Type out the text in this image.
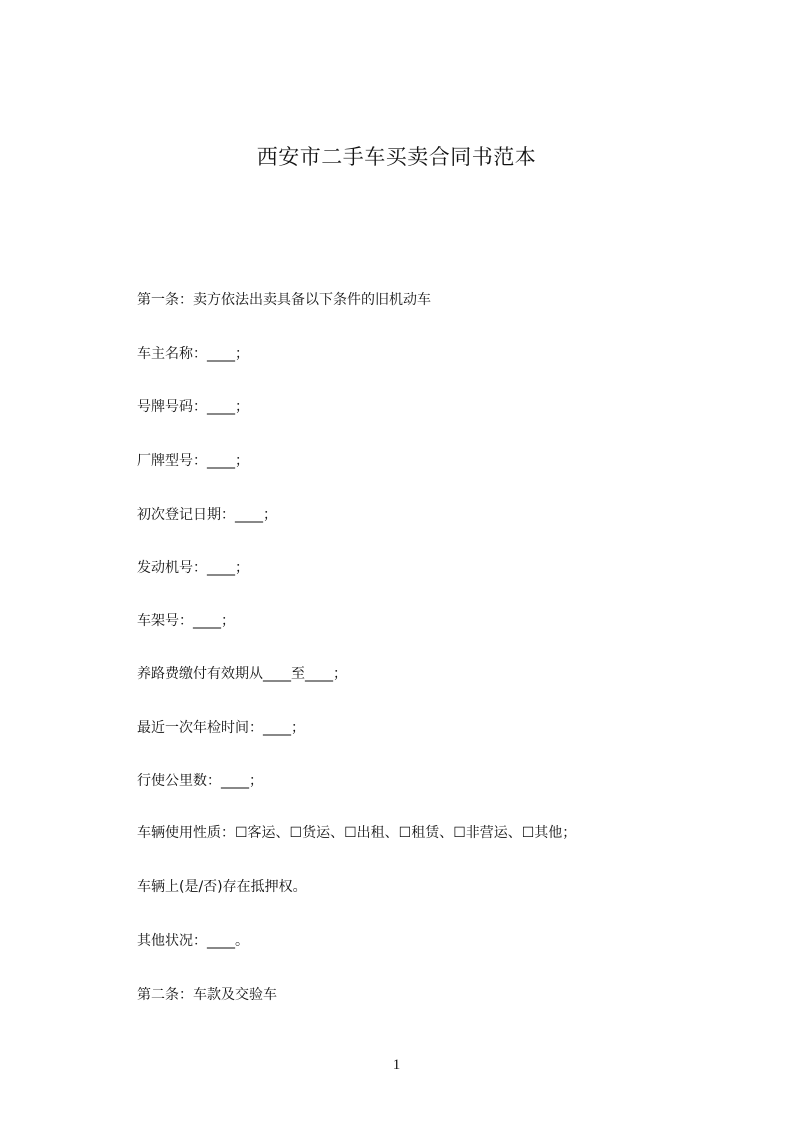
西安市二手车买卖合同书范本
第一条：卖方依法出卖具备以下条件的旧机动车
车主名称：____；
号牌号码：____；
厂牌型号：____；
初次登记日期：____；
发动机号：____；
车架号：____；
养路费缴付有效期从____至____；
最近一次年检时间：____；
行使公里数：____；
车辆使用性质：☐客运、☐货运、☐出租、☐租赁、☐非营运、☐其他；
车辆上(是/否)存在抵押权。
其他状况：____。
第二条：车款及交验车
1
